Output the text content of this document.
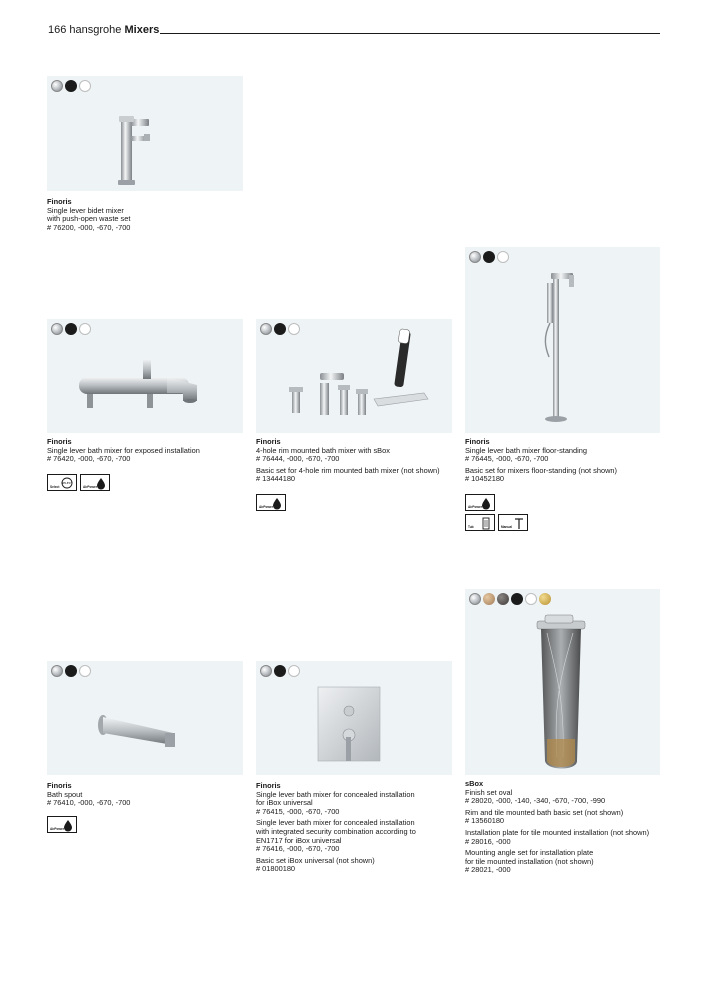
166 hansgrohe Mixers
Finoris
Single lever bidet mixer
with push-open waste set
# 76200, -000, -670, -700
Finoris
Single lever bath mixer for exposed installation
# 76420, -000, -670, -700
SELECT
Select	AirPower
Finoris
4-hole rim mounted bath mixer with sBox
# 76444, -000, -670, -700
Basic set for 4-hole rim mounted bath mixer (not shown)
# 13444180
AirPower
Finoris
Single lever bath mixer floor-standing
# 76445, -000, -670, -700
Basic set for mixers floor-standing (not shown)
# 10452180
AirPower
Tub	Manual
Finoris
Bath spout
# 76410, -000, -670, -700
AirPower
Finoris
Single lever bath mixer for concealed installation
for iBox universal
# 76415, -000, -670, -700
Single lever bath mixer for concealed installation
with integrated security combination according to
EN1717 for iBox universal
# 76416, -000, -670, -700
Basic set iBox universal (not shown)
# 01800180
sBox
Finish set oval
# 28020, -000, -140, -340, -670, -700, -990
Rim and tile mounted bath basic set (not shown)
# 13560180
Installation plate for tile mounted installation (not shown)
# 28016, -000
Mounting angle set for installation plate
for tile mounted installation (not shown)
# 28021, -000
